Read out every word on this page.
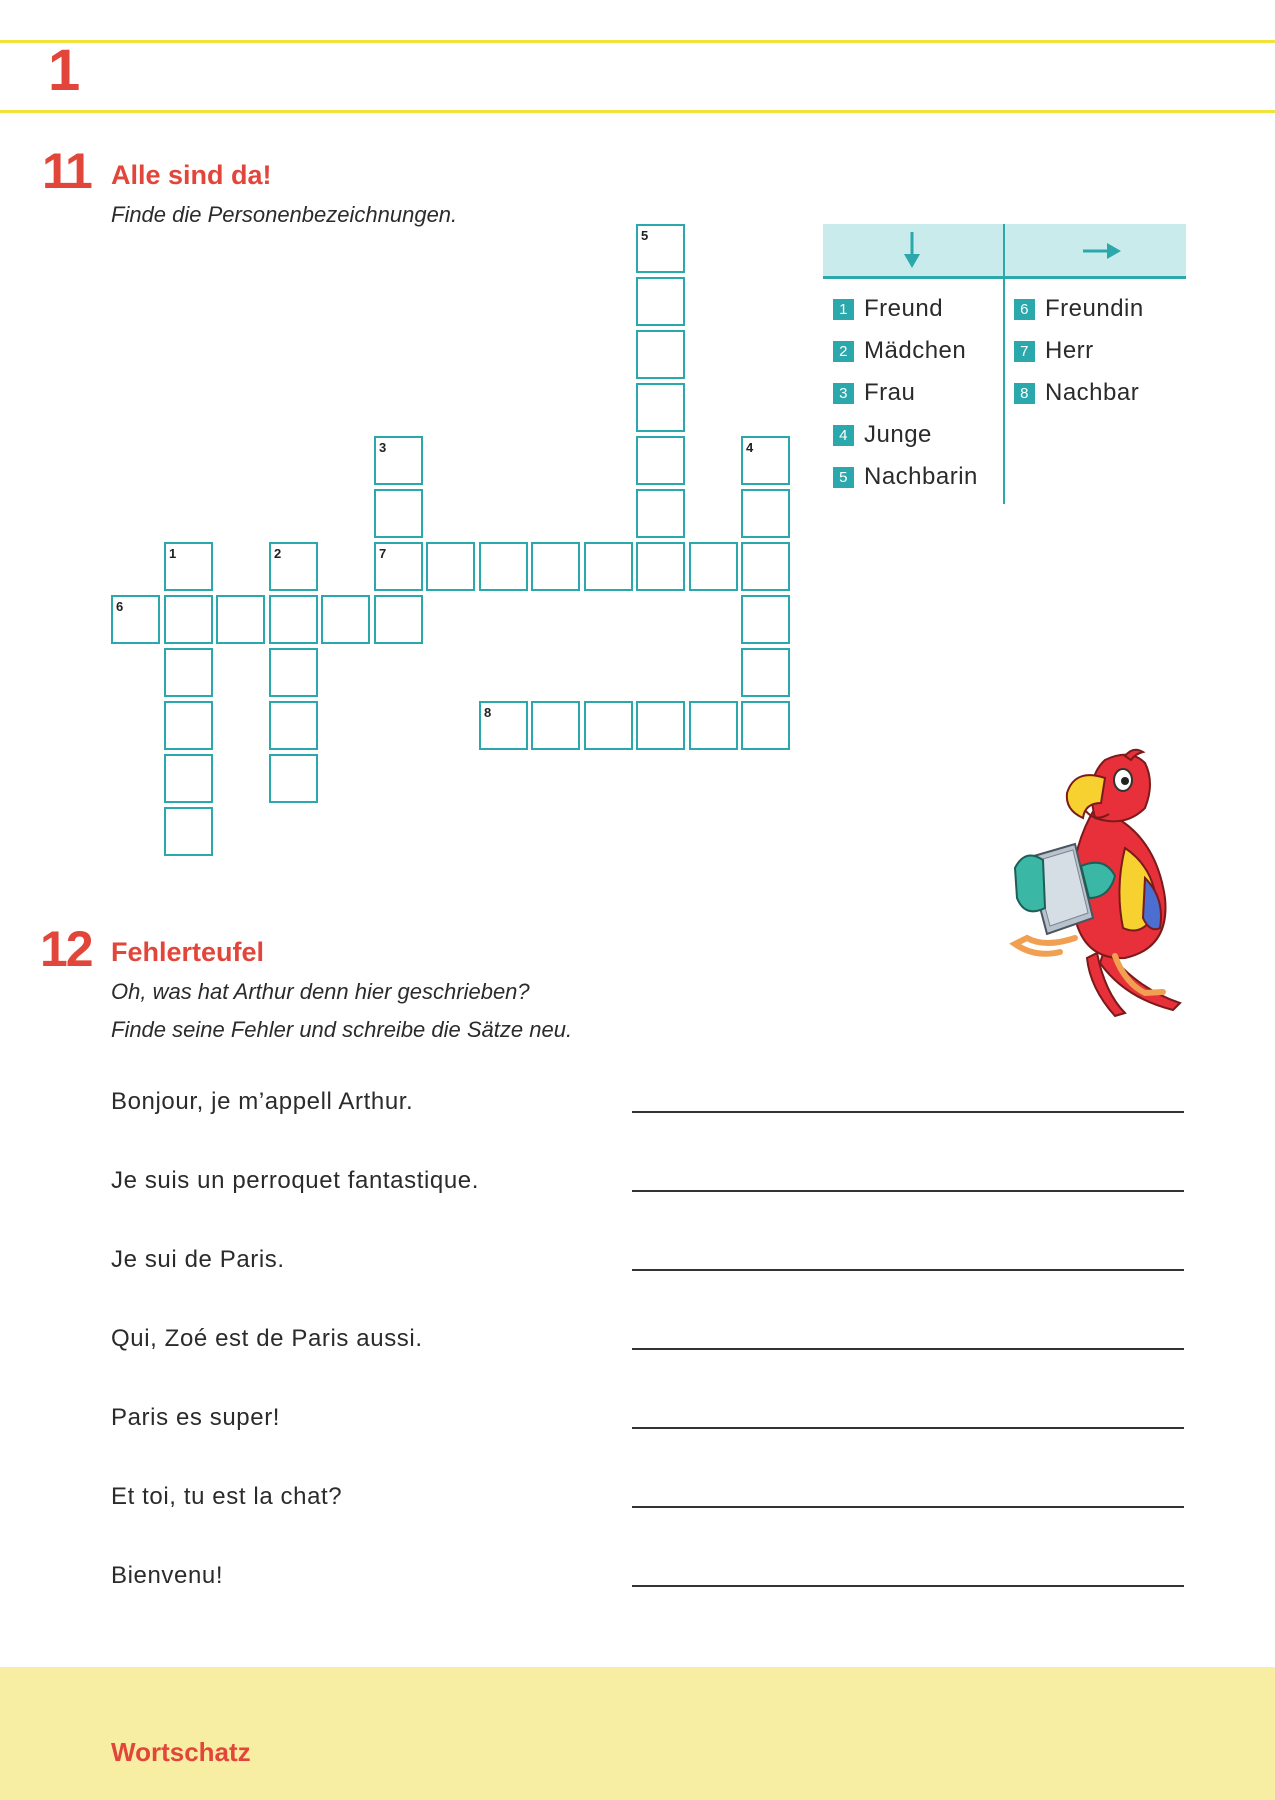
1
11 Alle sind da!
Finde die Personenbezeichnungen.
5
3	4
1	2	7
6
8
1 Freund
2 Mädchen
3 Frau
4 Junge
5 Nachbarin
6 Freundin
7 Herr
8 Nachbar
12 Fehlerteufel
Oh, was hat Arthur denn hier geschrieben?
Finde seine Fehler und schreibe die Sätze neu.
Bonjour, je m’appell Arthur.
Je suis un perroquet fantastique.
Je sui de Paris.
Qui, Zoé est de Paris aussi.
Paris es super!
Et toi, tu est la chat?
Bienvenu!
Wortschatz
